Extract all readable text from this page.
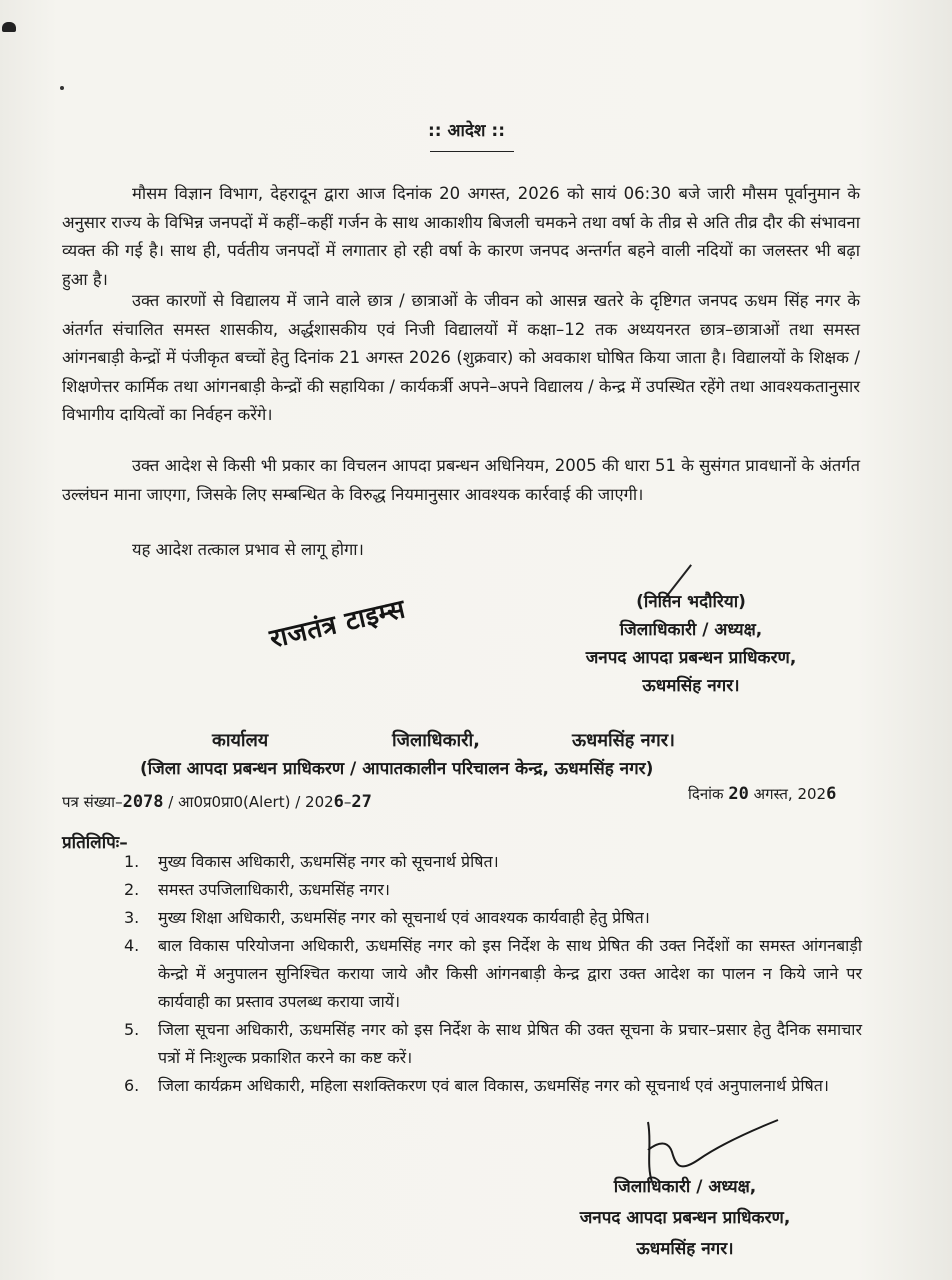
:: आदेश ::
मौसम विज्ञान विभाग, देहरादून द्वारा आज दिनांक 20 अगस्त, 2026 को सायं 06:30 बजे जारी मौसम पूर्वानुमान के अनुसार राज्य के विभिन्न जनपदों में कहीं–कहीं गर्जन के साथ आकाशीय बिजली चमकने तथा वर्षा के तीव्र से अति तीव्र दौर की संभावना व्यक्त की गई है। साथ ही, पर्वतीय जनपदों में लगातार हो रही वर्षा के कारण जनपद अन्तर्गत बहने वाली नदियों का जलस्तर भी बढ़ा हुआ है।
उक्त कारणों से विद्यालय में जाने वाले छात्र / छात्राओं के जीवन को आसन्न खतरे के दृष्टिगत जनपद ऊधम सिंह नगर के अंतर्गत संचालित समस्त शासकीय, अर्द्धशासकीय एवं निजी विद्यालयों में कक्षा–12 तक अध्ययनरत छात्र–छात्राओं तथा समस्त आंगनबाड़ी केन्द्रों में पंजीकृत बच्चों हेतु दिनांक 21 अगस्त 2026 (शुक्रवार) को अवकाश घोषित किया जाता है। विद्यालयों के शिक्षक / शिक्षणेत्तर कार्मिक तथा आंगनबाड़ी केन्द्रों की सहायिका / कार्यकर्त्री अपने–अपने विद्यालय / केन्द्र में उपस्थित रहेंगे तथा आवश्यकतानुसार विभागीय दायित्वों का निर्वहन करेंगे।
उक्त आदेश से किसी भी प्रकार का विचलन आपदा प्रबन्धन अधिनियम, 2005 की धारा 51 के सुसंगत प्रावधानों के अंतर्गत उल्लंघन माना जाएगा, जिसके लिए सम्बन्धित के विरुद्ध नियमानुसार आवश्यक कार्रवाई की जाएगी।
यह आदेश तत्काल प्रभाव से लागू होगा।
(नितिन भदौरिया)
जिलाधिकारी / अध्यक्ष,
जनपद आपदा प्रबन्धन प्राधिकरण,
ऊधमसिंह नगर।
राजतंत्र टाइम्स
कार्यालय	जिलाधिकारी,	ऊधमसिंह नगर।
(जिला आपदा प्रबन्धन प्राधिकरण / आपातकालीन परिचालन केन्द्र, ऊधमसिंह नगर)
पत्र संख्या–2078 / आ0प्र0प्रा0(Alert) / 2026–27	दिनांक 20 अगस्त, 2026
प्रतिलिपिः–
1. मुख्य विकास अधिकारी, ऊधमसिंह नगर को सूचनार्थ प्रेषित।
2. समस्त उपजिलाधिकारी, ऊधमसिंह नगर।
3. मुख्य शिक्षा अधिकारी, ऊधमसिंह नगर को सूचनार्थ एवं आवश्यक कार्यवाही हेतु प्रेषित।
4. बाल विकास परियोजना अधिकारी, ऊधमसिंह नगर को इस निर्देश के साथ प्रेषित की उक्त निर्देशों का समस्त आंगनबाड़ी केन्द्रो में अनुपालन सुनिश्चित कराया जाये और किसी आंगनबाड़ी केन्द्र द्वारा उक्त आदेश का पालन न किये जाने पर कार्यवाही का प्रस्ताव उपलब्ध कराया जायें।
5. जिला सूचना अधिकारी, ऊधमसिंह नगर को इस निर्देश के साथ प्रेषित की उक्त सूचना के प्रचार–प्रसार हेतु दैनिक समाचार पत्रों में निःशुल्क प्रकाशित करने का कष्ट करें।
6. जिला कार्यक्रम अधिकारी, महिला सशक्तिकरण एवं बाल विकास, ऊधमसिंह नगर को सूचनार्थ एवं अनुपालनार्थ प्रेषित।
जिलाधिकारी / अध्यक्ष,
जनपद आपदा प्रबन्धन प्राधिकरण,
ऊधमसिंह नगर।
